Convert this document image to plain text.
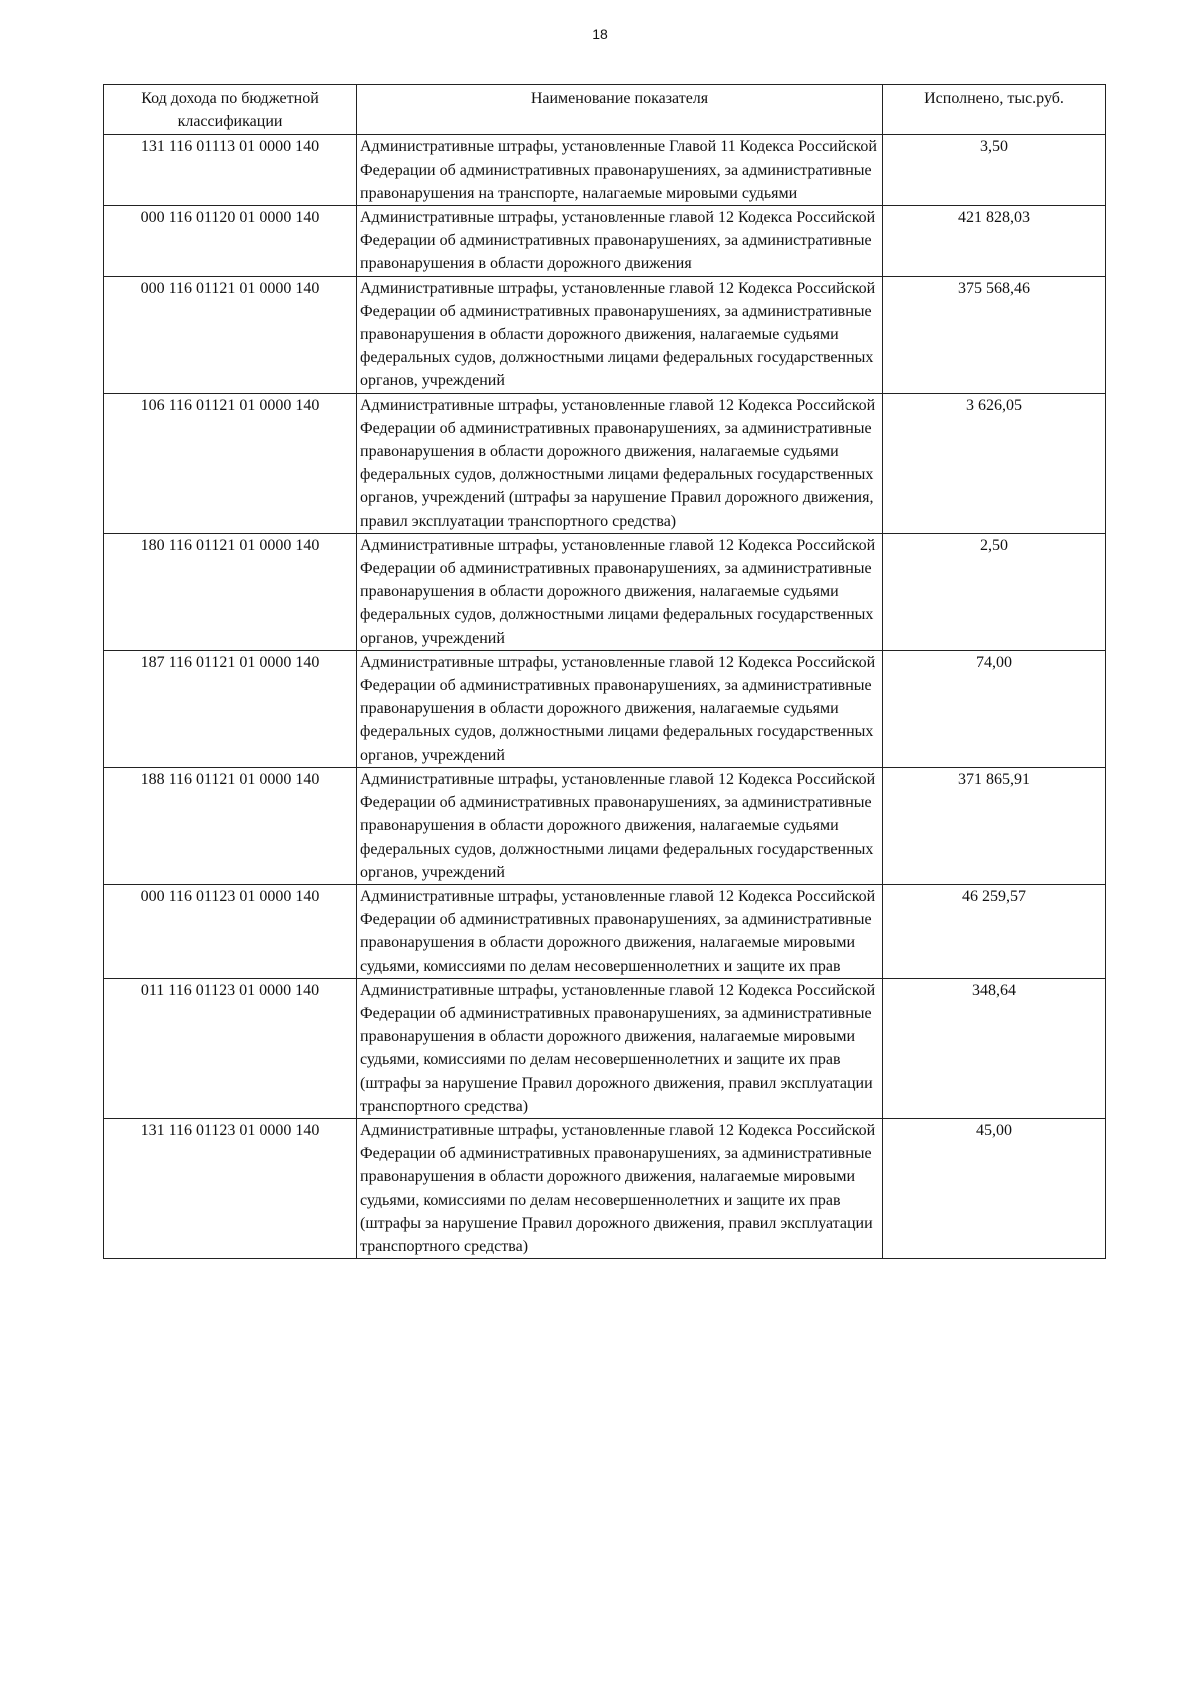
18
Код дохода по бюджетной классификации	Наименование показателя	Исполнено, тыс.руб.
131 116 01113 01 0000 140	Административные штрафы, установленные Главой 11 Кодекса Российской Федерации об административных правонарушениях, за административные правонарушения на транспорте, налагаемые мировыми судьями	3,50
000 116 01120 01 0000 140	Административные штрафы, установленные главой 12 Кодекса Российской Федерации об административных правонарушениях, за административные правонарушения в области дорожного движения	421 828,03
000 116 01121 01 0000 140	Административные штрафы, установленные главой 12 Кодекса Российской Федерации об административных правонарушениях, за административные правонарушения в области дорожного движения, налагаемые судьями федеральных судов, должностными лицами федеральных государственных органов, учреждений	375 568,46
106 116 01121 01 0000 140	Административные штрафы, установленные главой 12 Кодекса Российской Федерации об административных правонарушениях, за административные правонарушения в области дорожного движения, налагаемые судьями федеральных судов, должностными лицами федеральных государственных органов, учреждений (штрафы за нарушение Правил дорожного движения, правил эксплуатации транспортного средства)	3 626,05
180 116 01121 01 0000 140	Административные штрафы, установленные главой 12 Кодекса Российской Федерации об административных правонарушениях, за административные правонарушения в области дорожного движения, налагаемые судьями федеральных судов, должностными лицами федеральных государственных органов, учреждений	2,50
187 116 01121 01 0000 140	Административные штрафы, установленные главой 12 Кодекса Российской Федерации об административных правонарушениях, за административные правонарушения в области дорожного движения, налагаемые судьями федеральных судов, должностными лицами федеральных государственных органов, учреждений	74,00
188 116 01121 01 0000 140	Административные штрафы, установленные главой 12 Кодекса Российской Федерации об административных правонарушениях, за административные правонарушения в области дорожного движения, налагаемые судьями федеральных судов, должностными лицами федеральных государственных органов, учреждений	371 865,91
000 116 01123 01 0000 140	Административные штрафы, установленные главой 12 Кодекса Российской Федерации об административных правонарушениях, за административные правонарушения в области дорожного движения, налагаемые мировыми судьями, комиссиями по делам несовершеннолетних и защите их прав	46 259,57
011 116 01123 01 0000 140	Административные штрафы, установленные главой 12 Кодекса Российской Федерации об административных правонарушениях, за административные правонарушения в области дорожного движения, налагаемые мировыми судьями, комиссиями по делам несовершеннолетних и защите их прав (штрафы за нарушение Правил дорожного движения, правил эксплуатации транспортного средства)	348,64
131 116 01123 01 0000 140	Административные штрафы, установленные главой 12 Кодекса Российской Федерации об административных правонарушениях, за административные правонарушения в области дорожного движения, налагаемые мировыми судьями, комиссиями по делам несовершеннолетних и защите их прав (штрафы за нарушение Правил дорожного движения, правил эксплуатации транспортного средства)	45,00
